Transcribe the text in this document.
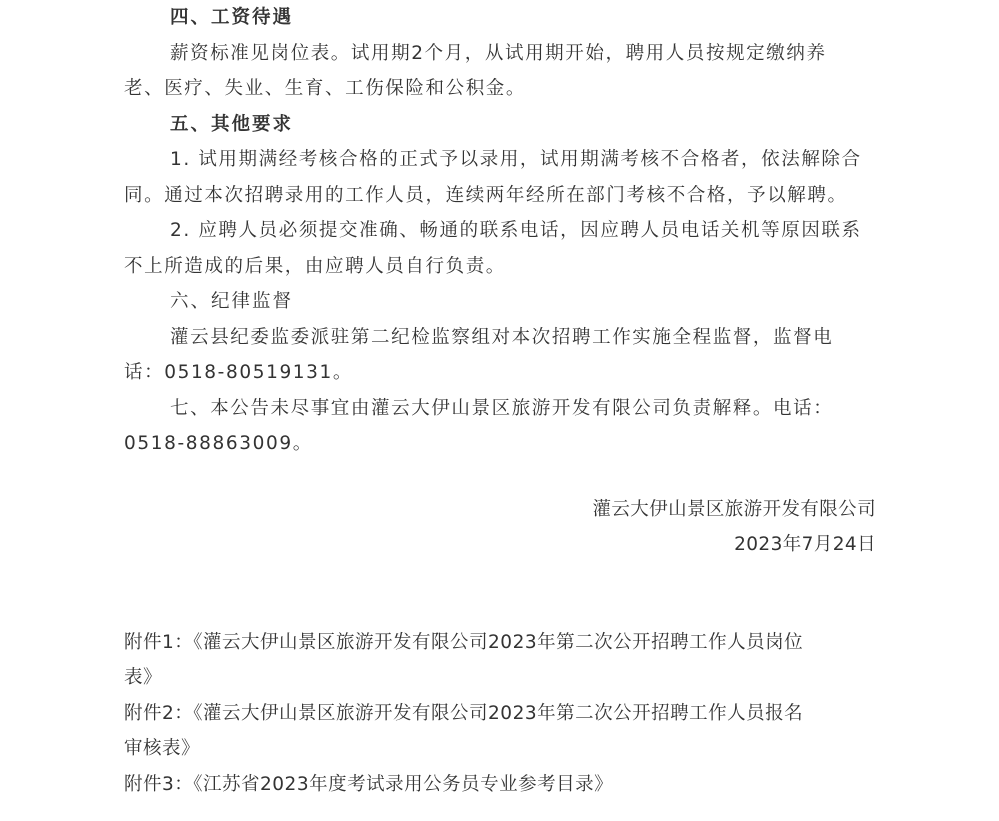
四、工资待遇
薪资标准见岗位表。试用期2个月，从试用期开始，聘用人员按规定缴纳养
老、医疗、失业、生育、工伤保险和公积金。
五、其他要求
1. 试用期满经考核合格的正式予以录用，试用期满考核不合格者，依法解除合
同。通过本次招聘录用的工作人员，连续两年经所在部门考核不合格，予以解聘。
2. 应聘人员必须提交准确、畅通的联系电话，因应聘人员电话关机等原因联系
不上所造成的后果，由应聘人员自行负责。
六、纪律监督
灌云县纪委监委派驻第二纪检监察组对本次招聘工作实施全程监督，监督电
话：0518-80519131。
七、本公告未尽事宜由灌云大伊山景区旅游开发有限公司负责解释。电话：
0518-88863009。
灌云大伊山景区旅游开发有限公司
2023年7月24日
附件1：《灌云大伊山景区旅游开发有限公司2023年第二次公开招聘工作人员岗位
表》
附件2：《灌云大伊山景区旅游开发有限公司2023年第二次公开招聘工作人员报名
审核表》
附件3：《江苏省2023年度考试录用公务员专业参考目录》
